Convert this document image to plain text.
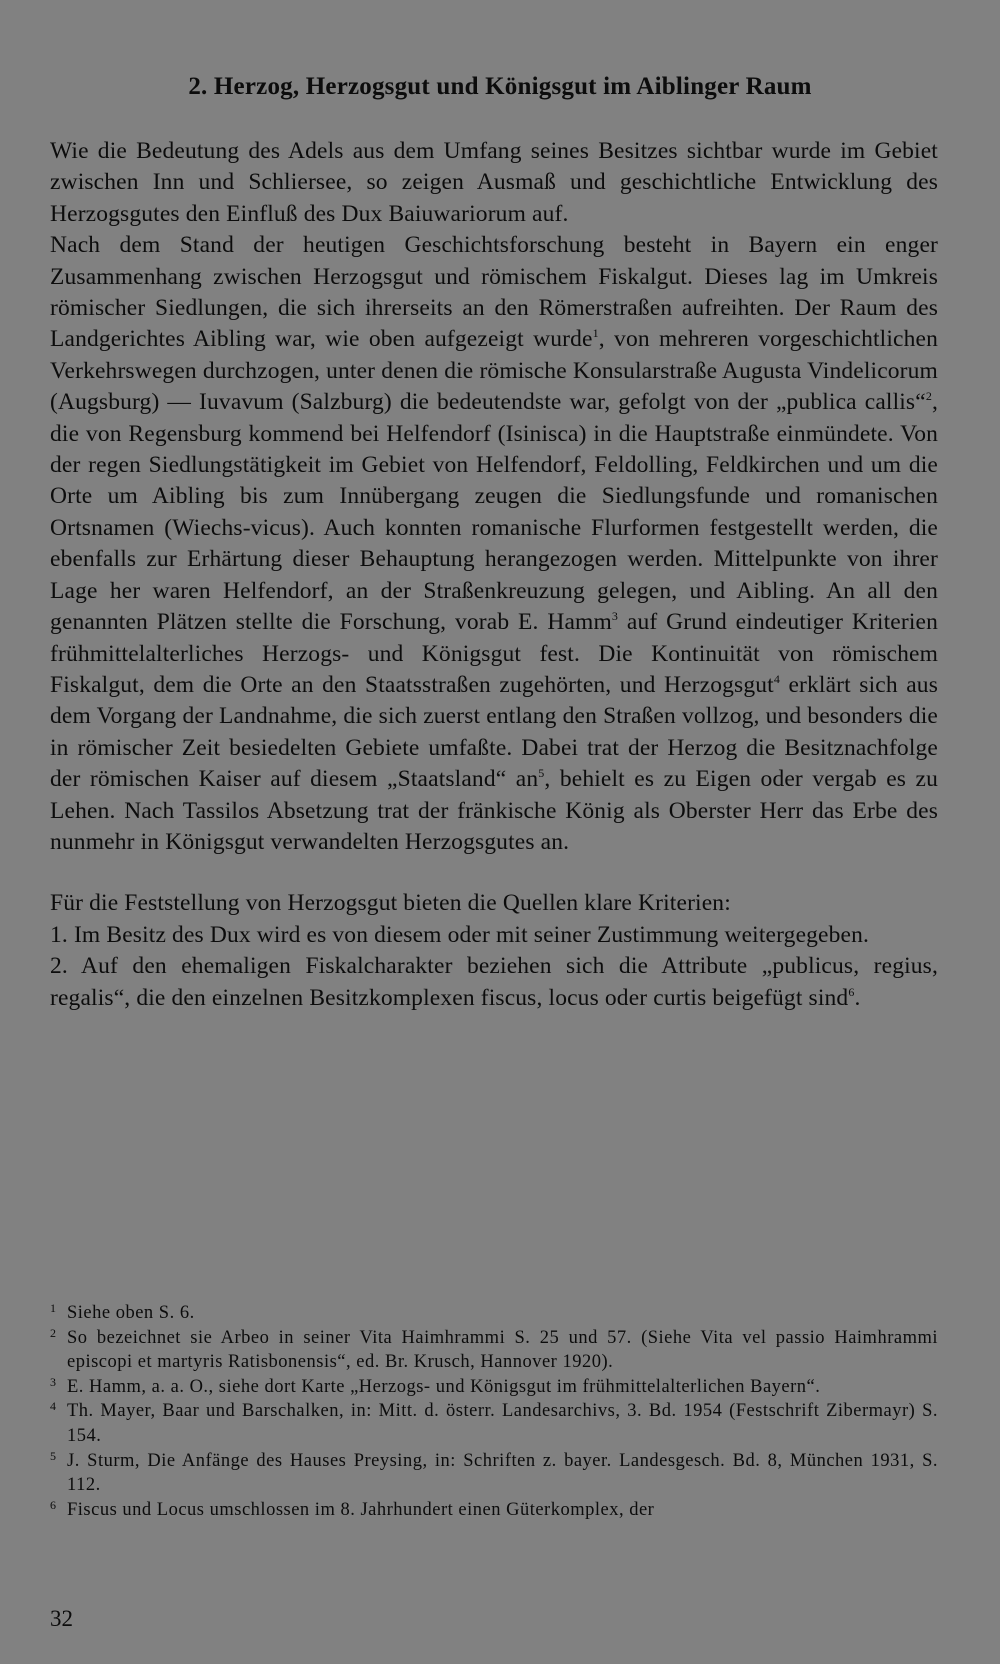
2. Herzog, Herzogsgut und Königsgut im Aiblinger Raum

Wie die Bedeutung des Adels aus dem Umfang seines Besitzes sichtbar wurde im Gebiet zwischen Inn und Schliersee, so zeigen Ausmaß und geschichtliche Entwicklung des Herzogsgutes den Einfluß des Dux Baiuwariorum auf.

Nach dem Stand der heutigen Geschichtsforschung besteht in Bayern ein enger Zusammenhang zwischen Herzogsgut und römischem Fiskalgut. Dieses lag im Umkreis römischer Siedlungen, die sich ihrerseits an den Römerstraßen aufreihten. Der Raum des Landgerichtes Aibling war, wie oben aufgezeigt wurde$^1$, von mehreren vorgeschichtlichen Verkehrswegen durchzogen, unter denen die römische Konsularstraße Augusta Vindelicorum (Augsburg) — Iuvavum (Salzburg) die bedeutendste war, gefolgt von der „publica callis“$^2$, die von Regensburg kommend bei Helfendorf (Isinisca) in die Hauptstraße einmündete. Von der regen Siedlungstätigkeit im Gebiet von Helfendorf, Feldolling, Feldkirchen und um die Orte um Aibling bis zum Innübergang zeugen die Siedlungsfunde und romanischen Ortsnamen (Wiechs-vicus). Auch konnten romanische Flurformen festgestellt werden, die ebenfalls zur Erhärtung dieser Behauptung herangezogen werden. Mittelpunkte von ihrer Lage her waren Helfendorf, an der Straßenkreuzung gelegen, und Aibling. An all den genannten Plätzen stellte die Forschung, vorab E. Hamm$^3$ auf Grund eindeutiger Kriterien frühmittelalterliches Herzogs- und Königsgut fest. Die Kontinuität von römischem Fiskalgut, dem die Orte an den Staatsstraßen zugehörten, und Herzogsgut$^4$ erklärt sich aus dem Vorgang der Landnahme, die sich zuerst entlang den Straßen vollzog, und besonders die in römischer Zeit besiedelten Gebiete umfaßte. Dabei trat der Herzog die Besitznachfolge der römischen Kaiser auf diesem „Staatsland“ $an^5$, behielt es zu Eigen oder vergab es zu Lehen. Nach Tassilos Absetzung trat der fränkische König als Oberster Herr das Erbe des nunmehr in Königsgut verwandelten Herzogsgutes an.

Für die Feststellung von Herzogsgut bieten die Quellen klare Kriterien:

1. Im Besitz des Dux wird es von diesem oder mit seiner Zustimmung weitergegeben.

2. Auf den ehemaligen Fiskalcharakter beziehen sich die Attribute „publicus, regius, regalis“, die den einzelnen Besitzkomplexen fiscus, locus oder curtis beigefügt sind$^6$.

1 Siehe oben S. 6.
2 So bezeichnet sie Arbeo in seiner Vita Haimhrammi S. 25 und 57. (Siehe Vita vel passio Haimhrammi episcopi et martyris Ratisbonensis“, ed. Br. Krusch, Hannover 1920).
3 E. Hamm, a. a. O., siehe dort Karte „Herzogs- und Königsgut im frühmittelalterlichen Bayern“.
4 Th. Mayer, Baar und Barschalken, in: Mitt. d. österr. Landesarchivs, 3. Bd. 1954 (Festschrift Zibermayr) S. 154.
5 J. Sturm, Die Anfänge des Hauses Preysing, in: Schriften z. bayer. Landesgesch. Bd. 8, München 1931, S. 112.
6 Fiscus und Locus umschlossen im 8. Jahrhundert einen Güterkomplex, der
32
